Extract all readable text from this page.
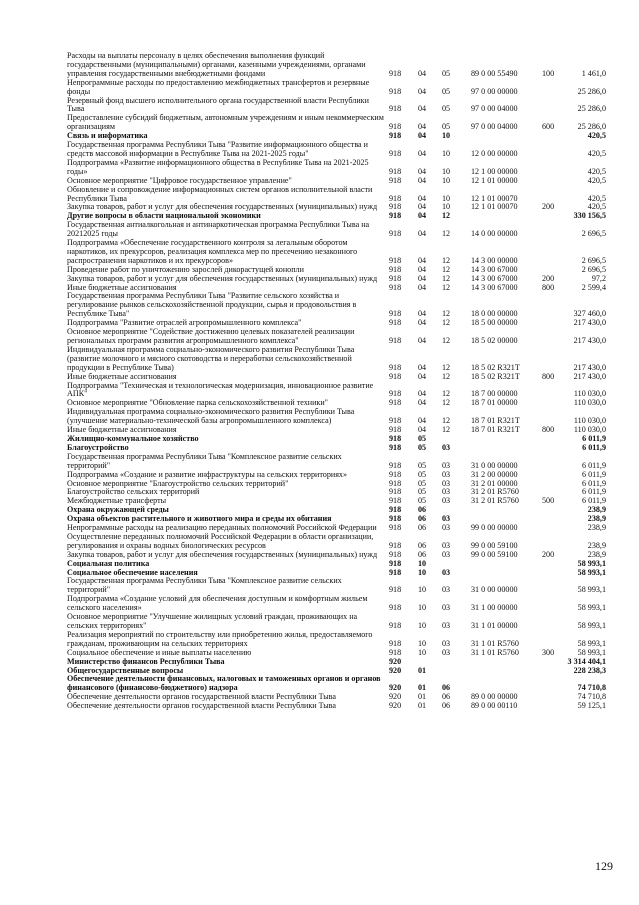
Расходы на выплаты персоналу в целях обеспечения выполнения функций государственными (муниципальными) органами, казенными учреждениями, органами управления государственными внебюджетными фондами	918	04	05	89 0 00 55490	100	1 461,0
Непрограммные расходы по предоставлению межбюджетных трансфертов и резервные фонды	918	04	05	97 0 00 00000	25 286,0
Резервный фонд высшего исполнительного органа государственной власти Республики Тыва	918	04	05	97 0 00 04000	25 286,0
Предоставление субсидий бюджетным, автономным учреждениям и иным некоммерческим организациям	918	04	05	97 0 00 04000	600	25 286,0
Связь и информатика	918	04	10	420,5
Государственная программа Республики Тыва "Развитие информационного общества и средств массовой информации в Республике Тыва на 2021-2025 годы"	918	04	10	12 0 00 00000	420,5
Подпрограмма «Развитие информационного общества в Республике Тыва на 2021-2025 годы»	918	04	10	12 1 00 00000	420,5
Основное мероприятие "Цифровое государственное управление"	918	04	10	12 1 01 00000	420,5
Обновление и сопровождение информационных систем органов исполнительной власти Республики Тыва	918	04	10	12 1 01 00070	420,5
Закупка товаров, работ и услуг для обеспечения государственных (муниципальных) нужд	918	04	10	12 1 01 00070	200	420,5
Другие вопросы в области национальной экономики	918	04	12	330 156,5
Государственная антиалкогольная и антинаркотическая программа Республики Тыва на 20212025 годы	918	04	12	14 0 00 00000	2 696,5
Подпрограмма «Обеспечение государственного контроля за легальным оборотом наркотиков, их прекурсоров, реализация комплекса мер по пресечению незаконного распространения наркотиков и их прекурсоров»	918	04	12	14 3 00 00000	2 696,5
Проведение работ по уничтожению зарослей дикорастущей конопли	918	04	12	14 3 00 67000	2 696,5
Закупка товаров, работ и услуг для обеспечения государственных (муниципальных) нужд	918	04	12	14 3 00 67000	200	97,2
Иные бюджетные ассигнования	918	04	12	14 3 00 67000	800	2 599,4
Государственная программа Республики Тыва "Развитие сельского хозяйства и регулирование рынков сельскохозяйственной продукции, сырья и продовольствия в Республике Тыва"	918	04	12	18 0 00 00000	327 460,0
Подпрограмма "Развитие отраслей агропромышленного комплекса"	918	04	12	18 5 00 00000	217 430,0
Основное мероприятие "Содействие достижению целевых показателей реализации региональных программ развития агропромышленного комплекса"	918	04	12	18 5 02 00000	217 430,0
Индивидуальная программа социально-экономического развития Республики Тыва (развитие молочного и мясного скотоводства и переработки сельскохозяйственной продукции в Республике Тыва)	918	04	12	18 5 02 R321T	217 430,0
Иные бюджетные ассигнования	918	04	12	18 5 02 R321T	800	217 430,0
Подпрограмма "Техническая и технологическая модернизация, инновационное развитие АПК"	918	04	12	18 7 00 00000	110 030,0
Основное мероприятие "Обновление парка сельскохозяйственной техники"	918	04	12	18 7 01 00000	110 030,0
Индивидуальная программа социально-экономического развития Республики Тыва (улучшение материально-технической базы агропромышленного комплекса)	918	04	12	18 7 01 R321T	110 030,0
Иные бюджетные ассигнования	918	04	12	18 7 01 R321T	800	110 030,0
Жилищно-коммунальное хозяйство	918	05	6 011,9
Благоустройство	918	05	03	6 011,9
Государственная программа Республики Тыва "Комплексное развитие сельских территорий"	918	05	03	31 0 00 00000	6 011,9
Подпрограмма «Создание и развитие инфраструктуры на сельских территориях»	918	05	03	31 2 00 00000	6 011,9
Основное мероприятие "Благоустройство сельских территорий"	918	05	03	31 2 01 00000	6 011,9
Благоустройство сельских территорий	918	05	03	31 2 01 R5760	6 011,9
Межбюджетные трансферты	918	05	03	31 2 01 R5760	500	6 011,9
Охрана окружающей среды	918	06	238,9
Охрана объектов растительного и животного мира и среды их обитания	918	06	03	238,9
Непрограммные расходы на реализацию переданных полномочий Российской Федерации	918	06	03	99 0 00 00000	238,9
Осуществление переданных полномочий Российской Федерации в области организации, регулирования и охраны водных биологических ресурсов	918	06	03	99 0 00 59100	238,9
Закупка товаров, работ и услуг для обеспечения государственных (муниципальных) нужд	918	06	03	99 0 00 59100	200	238,9
Социальная политика	918	10	58 993,1
Социальное обеспечение населения	918	10	03	58 993,1
Государственная программа Республики Тыва "Комплексное развитие сельских территорий"	918	10	03	31 0 00 00000	58 993,1
Подпрограмма «Создание условий для обеспечения доступным и комфортным жильем сельского населения»	918	10	03	31 1 00 00000	58 993,1
Основное мероприятие "Улучшение жилищных условий граждан, проживающих на сельских территориях"	918	10	03	31 1 01 00000	58 993,1
Реализация мероприятий по строительству или приобретению жилья, предоставляемого гражданам, проживающим на сельских территориях	918	10	03	31 1 01 R5760	58 993,1
Социальное обеспечение и иные выплаты населению	918	10	03	31 1 01 R5760	300	58 993,1
Министерство финансов Республики Тыва	920	3 314 404,1
Общегосударственные вопросы	920	01	228 238,3
Обеспечение деятельности финансовых, налоговых и таможенных органов и органов финансового (финансово-бюджетного) надзора	920	01	06	74 710,8
Обеспечение деятельности органов государственной власти Республики Тыва	920	01	06	89 0 00 00000	74 710,8
Обеспечение деятельности органов государственной власти Республики Тыва	920	01	06	89 0 00 00110	59 125,1
129
